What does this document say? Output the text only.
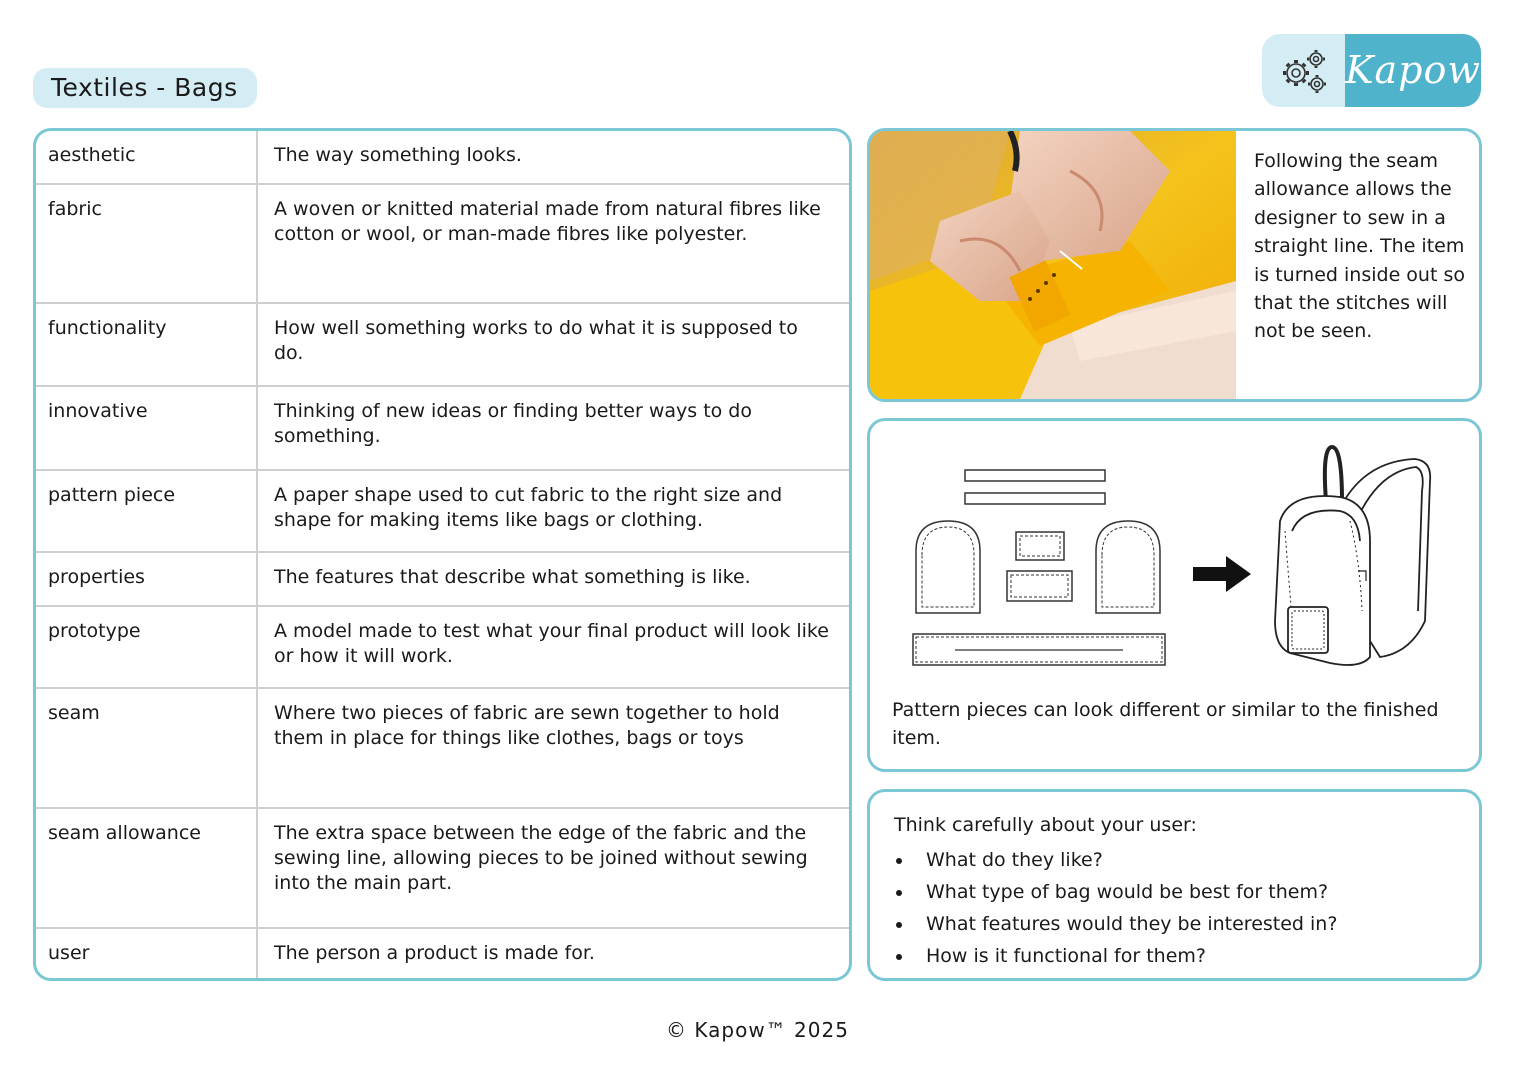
Textiles - Bags	Kapow
aesthetic	The way something looks.
fabric	A woven or knitted material made from natural fibres like cotton or wool, or man-made fibres like polyester.
functionality	How well something works to do what it is supposed to do.
innovative	Thinking of new ideas or finding better ways to do something.
pattern piece	A paper shape used to cut fabric to the right size and shape for making items like bags or clothing.
properties	The features that describe what something is like.
prototype	A model made to test what your final product will look like or how it will work.
seam	Where two pieces of fabric are sewn together to hold them in place for things like clothes, bags or toys
seam allowance	The extra space between the edge of the fabric and the sewing line, allowing pieces to be joined without sewing into the main part.
user	The person a product is made for.
Following the seam allowance allows the designer to sew in a straight line. The item is turned inside out so that the stitches will not be seen.
Pattern pieces can look different or similar to the finished item.
Think carefully about your user:
What do they like?
What type of bag would be best for them?
What features would they be interested in?
How is it functional for them?
© Kapow™ 2025
